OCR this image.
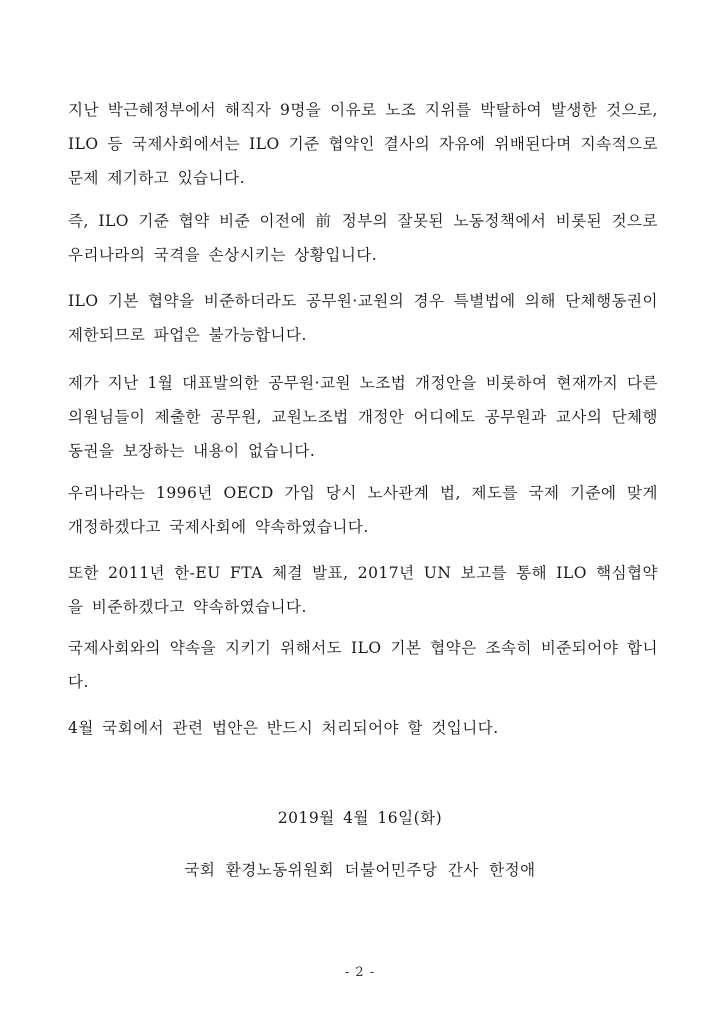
지난 박근혜정부에서 해직자 9명을 이유로 노조 지위를 박탈하여 발생한 것으로, ILO 등 국제사회에서는 ILO 기준 협약인 결사의 자유에 위배된다며 지속적으로 문제 제기하고 있습니다.

즉, ILO 기준 협약 비준 이전에 前 정부의 잘못된 노동정책에서 비롯된 것으로 우리나라의 국격을 손상시키는 상황입니다.

ILO 기본 협약을 비준하더라도 공무원·교원의 경우 특별법에 의해 단체행동권이 제한되므로 파업은 불가능합니다.

제가 지난 1월 대표발의한 공무원·교원 노조법 개정안을 비롯하여 현재까지 다른 의원님들이 제출한 공무원, 교원노조법 개정안 어디에도 공무원과 교사의 단체행동권을 보장하는 내용이 없습니다.

우리나라는 1996년 OECD 가입 당시 노사관계 법, 제도를 국제 기준에 맞게 개정하겠다고 국제사회에 약속하였습니다.

또한 2011년 한-EU FTA 체결 발표, 2017년 UN 보고를 통해 ILO 핵심협약을 비준하겠다고 약속하였습니다.

국제사회와의 약속을 지키기 위해서도 ILO 기본 협약은 조속히 비준되어야 합니다.

4월 국회에서 관련 법안은 반드시 처리되어야 할 것입니다.

2019월 4월 16일(화)
국회 환경노동위원회 더불어민주당 간사 한정애
- 2 -
